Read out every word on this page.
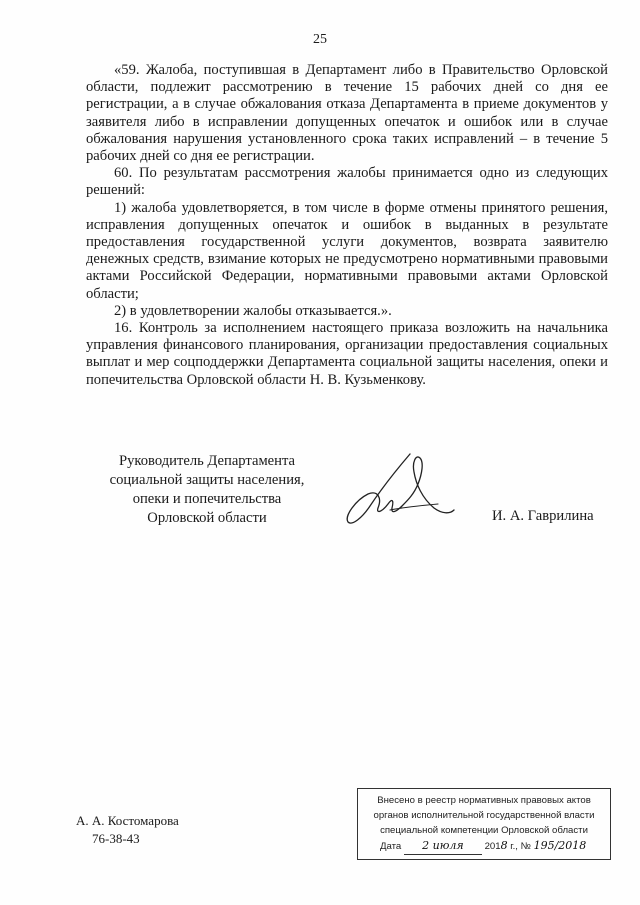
25

«59. Жалоба, поступившая в Департамент либо в Правительство Орловской области, подлежит рассмотрению в течение 15 рабочих дней со дня ее регистрации, а в случае обжалования отказа Департамента в приеме документов у заявителя либо в исправлении допущенных опечаток и ошибок или в случае обжалования нарушения установленного срока таких исправлений – в течение 5 рабочих дней со дня ее регистрации.

60. По результатам рассмотрения жалобы принимается одно из следующих решений:

1) жалоба удовлетворяется, в том числе в форме отмены принятого решения, исправления допущенных опечаток и ошибок в выданных в результате предоставления государственной услуги документов, возврата заявителю денежных средств, взимание которых не предусмотрено нормативными правовыми актами Российской Федерации, нормативными правовыми актами Орловской области;

2) в удовлетворении жалобы отказывается.».

16. Контроль за исполнением настоящего приказа возложить на начальника управления финансового планирования, организации предоставления социальных выплат и мер соцподдержки Департамента социальной защиты населения, опеки и попечительства Орловской области Н. В. Кузьменкову.

Руководитель Департамента
социальной защиты населения,
опеки и попечительства
Орловской области	И. А. Гаврилина
А. А. Костомарова
76-38-43
Внесено в реестр нормативных правовых актов
органов исполнительной государственной власти
специальной компетенции Орловской области
Дата 2 июля 2018 г., № 195/2018
